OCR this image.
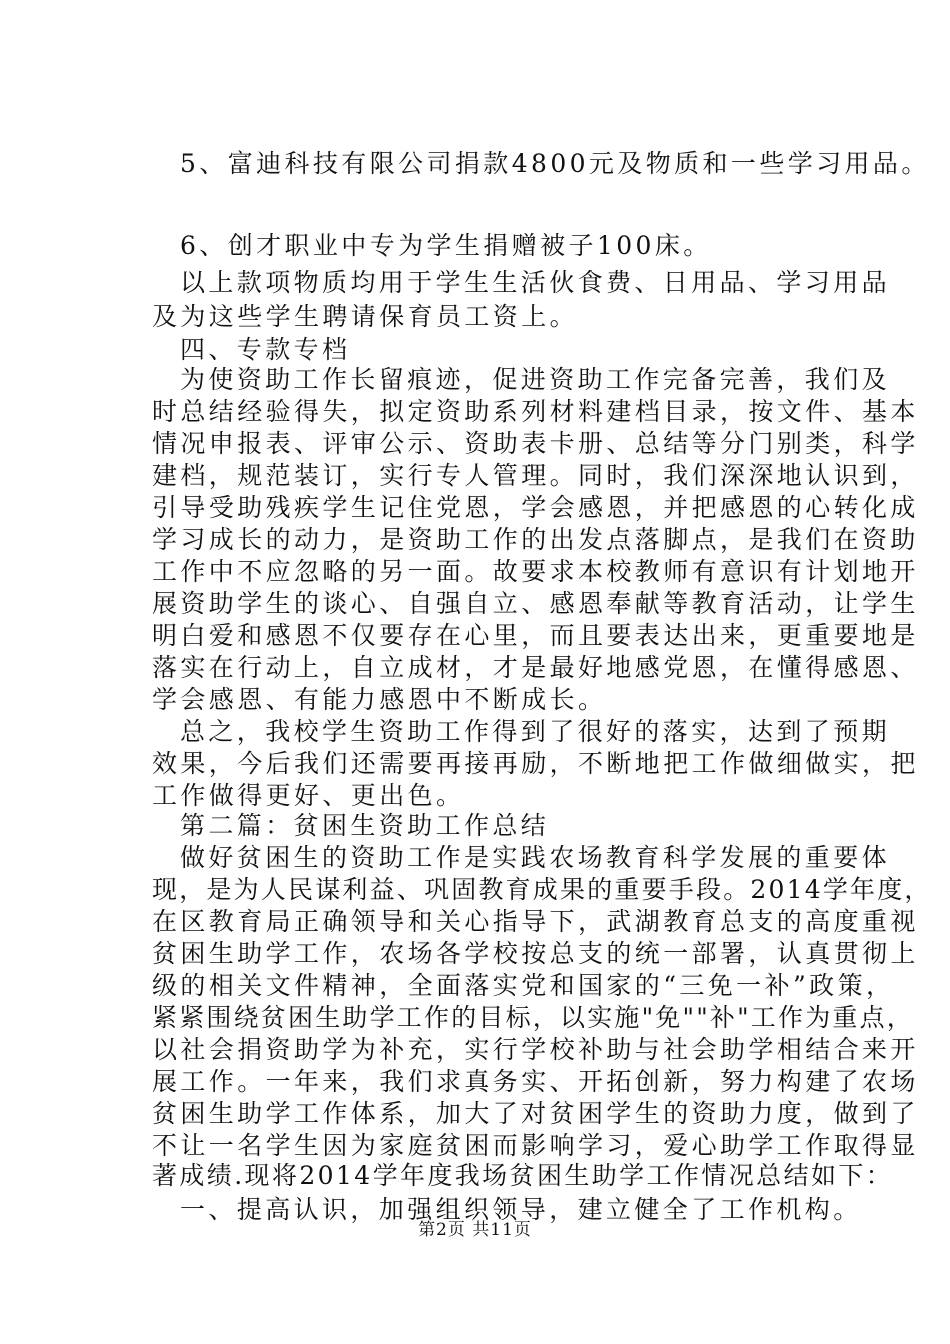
5、富迪科技有限公司捐款4800元及物质和一些学习用品。
6、创才职业中专为学生捐赠被子100床。
以上款项物质均用于学生生活伙食费、日用品、学习用品
及为这些学生聘请保育员工资上。
四、专款专档
为使资助工作长留痕迹，促进资助工作完备完善，我们及
时总结经验得失，拟定资助系列材料建档目录，按文件、基本
情况申报表、评审公示、资助表卡册、总结等分门别类，科学
建档，规范装订，实行专人管理。同时，我们深深地认识到，
引导受助残疾学生记住党恩，学会感恩，并把感恩的心转化成
学习成长的动力，是资助工作的出发点落脚点，是我们在资助
工作中不应忽略的另一面。故要求本校教师有意识有计划地开
展资助学生的谈心、自强自立、感恩奉献等教育活动，让学生
明白爱和感恩不仅要存在心里，而且要表达出来，更重要地是
落实在行动上，自立成材，才是最好地感党恩，在懂得感恩、
学会感恩、有能力感恩中不断成长。
总之，我校学生资助工作得到了很好的落实，达到了预期
效果，今后我们还需要再接再励，不断地把工作做细做实，把
工作做得更好、更出色。
第二篇：贫困生资助工作总结
做好贫困生的资助工作是实践农场教育科学发展的重要体
现，是为人民谋利益、巩固教育成果的重要手段。2014学年度，
在区教育局正确领导和关心指导下，武湖教育总支的高度重视
贫困生助学工作，农场各学校按总支的统一部署，认真贯彻上
级的相关文件精神，全面落实党和国家的“三免一补”政策，
紧紧围绕贫困生助学工作的目标，以实施"免""补"工作为重点，
以社会捐资助学为补充，实行学校补助与社会助学相结合来开
展工作。一年来，我们求真务实、开拓创新，努力构建了农场
贫困生助学工作体系，加大了对贫困学生的资助力度，做到了
不让一名学生因为家庭贫困而影响学习，爱心助学工作取得显
著成绩.现将2014学年度我场贫困生助学工作情况总结如下：
一、提高认识，加强组织领导，建立健全了工作机构。
第2页 共11页
